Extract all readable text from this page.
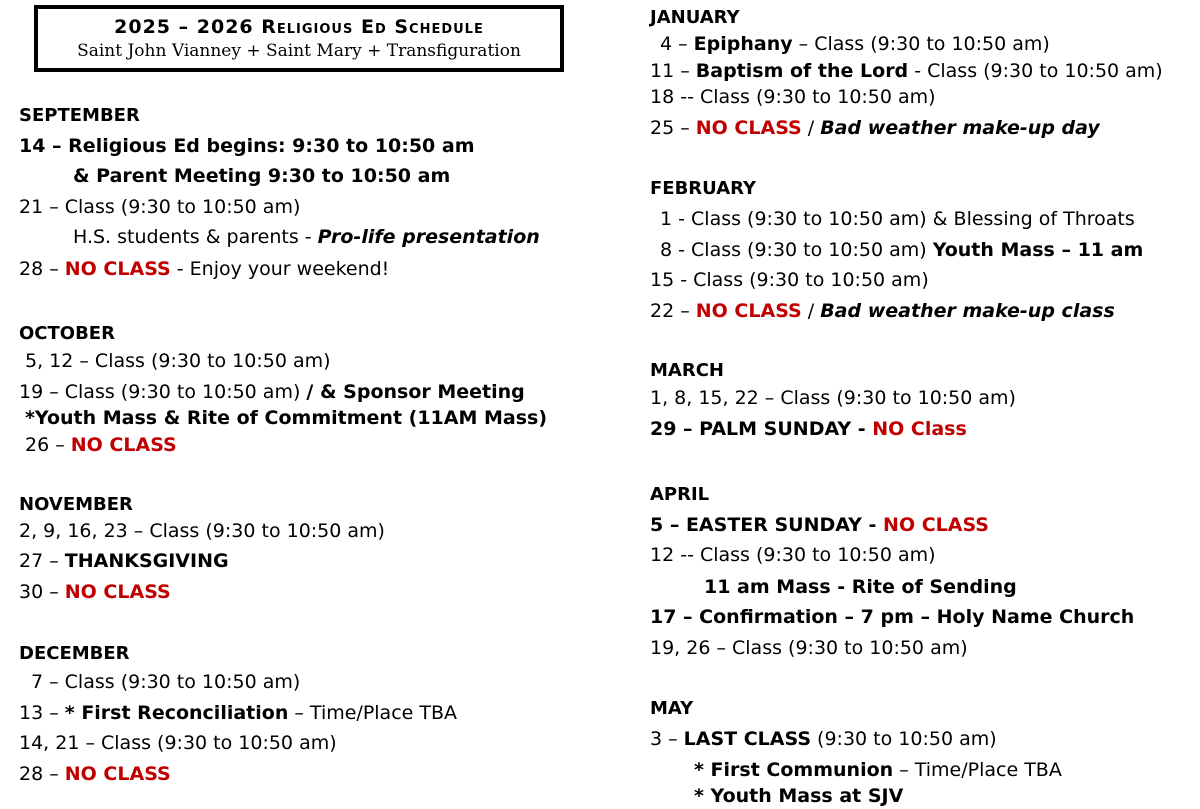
2025 – 2026 Religious Ed Schedule
Saint John Vianney + Saint Mary + Transfiguration
SEPTEMBER
14 – Religious Ed begins: 9:30 to 10:50 am
& Parent Meeting 9:30 to 10:50 am
21 – Class (9:30 to 10:50 am)
H.S. students & parents - Pro-life presentation
28 – NO CLASS - Enjoy your weekend!
OCTOBER
5, 12 – Class (9:30 to 10:50 am)
19 – Class (9:30 to 10:50 am) / & Sponsor Meeting
*Youth Mass & Rite of Commitment (11AM Mass)
26 – NO CLASS
NOVEMBER
2, 9, 16, 23 – Class (9:30 to 10:50 am)
27 – THANKSGIVING
30 – NO CLASS
DECEMBER
7 – Class (9:30 to 10:50 am)
13 – * First Reconciliation – Time/Place TBA
14, 21 – Class (9:30 to 10:50 am)
28 – NO CLASS
JANUARY
4 – Epiphany – Class (9:30 to 10:50 am)
11 – Baptism of the Lord - Class (9:30 to 10:50 am)
18 -- Class (9:30 to 10:50 am)
25 – NO CLASS / Bad weather make-up day
FEBRUARY
1 - Class (9:30 to 10:50 am) & Blessing of Throats
8 - Class (9:30 to 10:50 am) Youth Mass – 11 am
15 - Class (9:30 to 10:50 am)
22 – NO CLASS / Bad weather make-up class
MARCH
1, 8, 15, 22 – Class (9:30 to 10:50 am)
29 – PALM SUNDAY - NO Class
APRIL
5 – EASTER SUNDAY - NO CLASS
12 -- Class (9:30 to 10:50 am)
11 am Mass - Rite of Sending
17 – Confirmation – 7 pm – Holy Name Church
19, 26 – Class (9:30 to 10:50 am)
MAY
3 – LAST CLASS (9:30 to 10:50 am)
* First Communion – Time/Place TBA
* Youth Mass at SJV
